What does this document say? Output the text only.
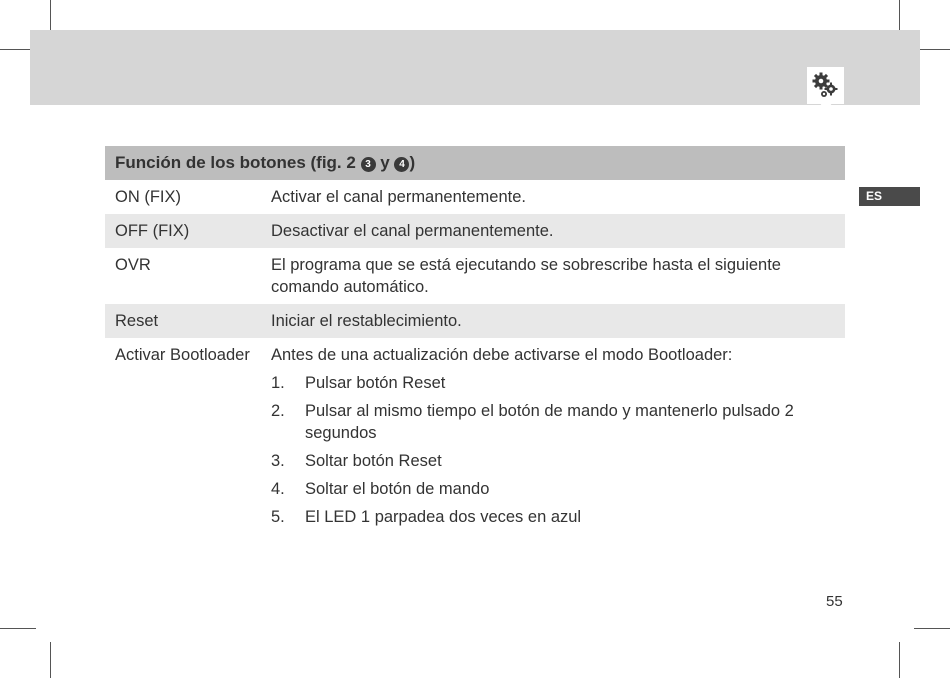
ES
Función de los botones (fig. 2 3 y 4 )
ON (FIX)	Activar el canal permanentemente.
OFF (FIX)	Desactivar el canal permanentemente.
OVR	El programa que se está ejecutando se sobrescribe hasta el siguiente comando automático.
Reset	Iniciar el restablecimiento.
Activar Bootloader	Antes de una actualización debe activarse el modo Bootloader:
1.	Pulsar botón Reset
2.	Pulsar al mismo tiempo el botón de mando y mantenerlo pulsado 2 segundos
3.	Soltar botón Reset
4.	Soltar el botón de mando
5.	El LED 1 parpadea dos veces en azul
55
